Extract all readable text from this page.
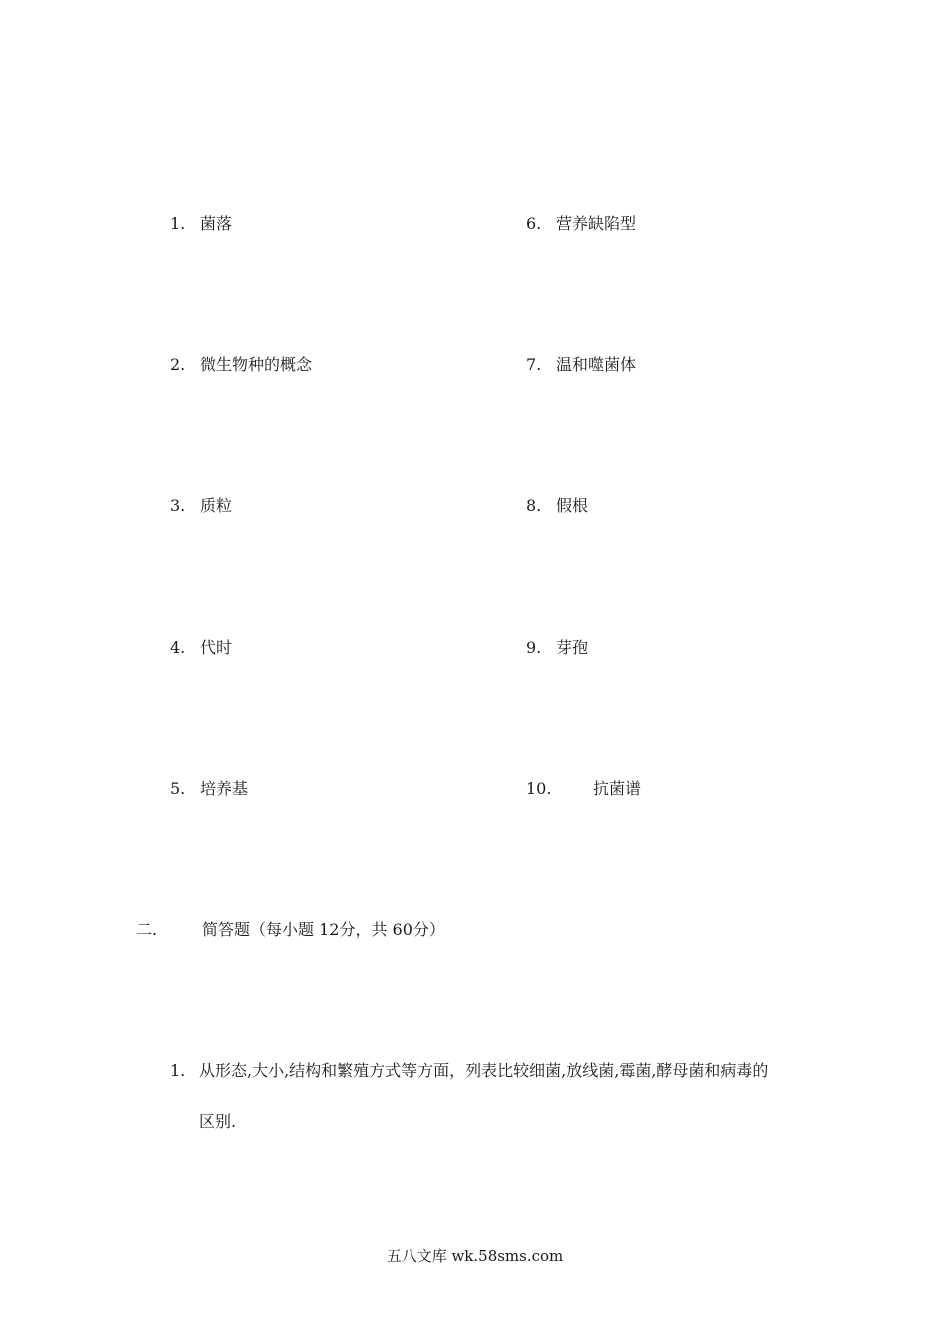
1. 菌落
2. 微生物种的概念
3. 质粒
4. 代时
5. 培养基
6. 营养缺陷型
7. 温和噬菌体
8. 假根
9. 芽孢
10.	抗菌谱
二.	简答题（每小题 12分，共 60分）
1. 从形态,大小,结构和繁殖方式等方面，列表比较细菌,放线菌,霉菌,酵母菌和病毒的
区别.
五八文库 wk.58sms.com
